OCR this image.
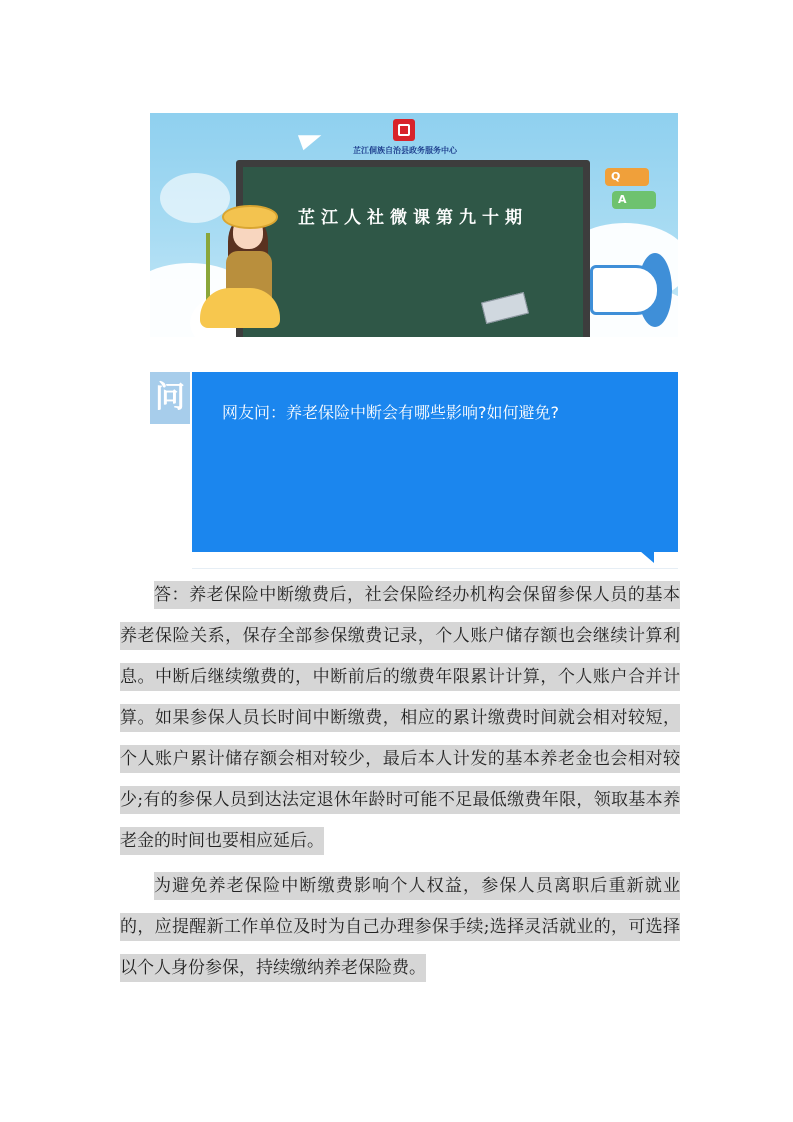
芷江侗族自治县政务服务中心
芷江人社微课第九十期
Q
A
问	网友问：养老保险中断会有哪些影响?如何避免?

答：养老保险中断缴费后，社会保险经办机构会保留参保人员的基本养老保险关系，保存全部参保缴费记录，个人账户储存额也会继续计算利息。中断后继续缴费的，中断前后的缴费年限累计计算，个人账户合并计算。如果参保人员长时间中断缴费，相应的累计缴费时间就会相对较短，个人账户累计储存额会相对较少，最后本人计发的基本养老金也会相对较少;有的参保人员到达法定退休年龄时可能不足最低缴费年限，领取基本养老金的时间也要相应延后。

为避免养老保险中断缴费影响个人权益，参保人员离职后重新就业的，应提醒新工作单位及时为自己办理参保手续;选择灵活就业的，可选择以个人身份参保，持续缴纳养老保险费。
